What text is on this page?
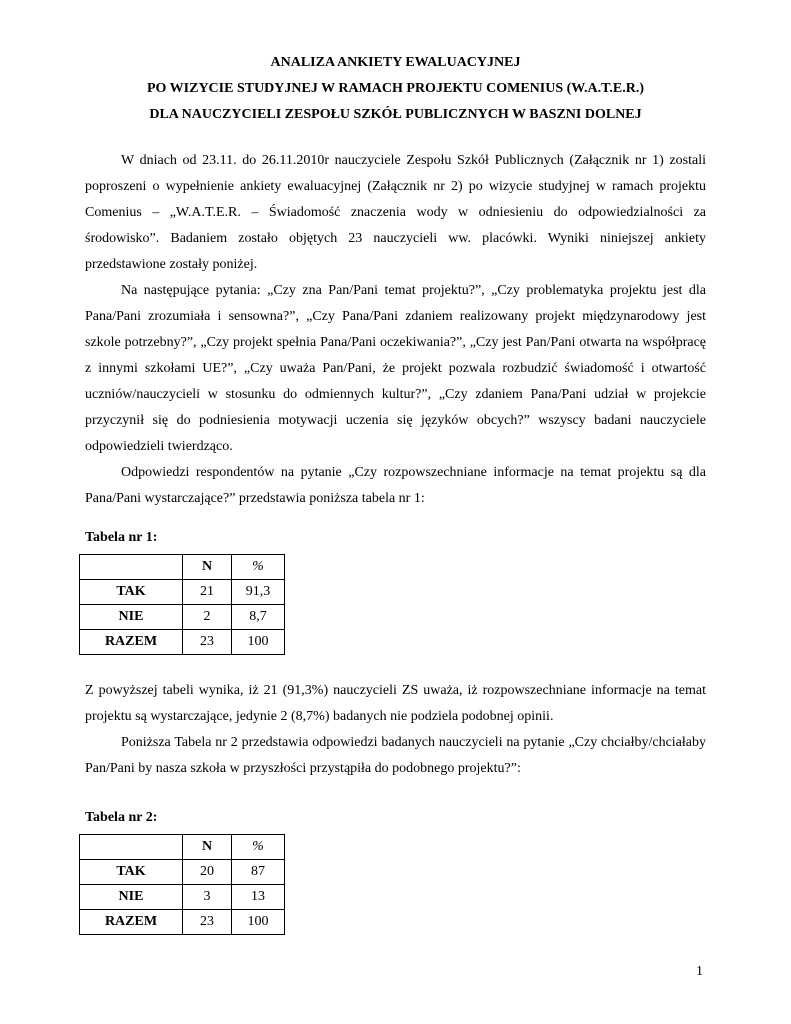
ANALIZA ANKIETY EWALUACYJNEJ
PO WIZYCIE STUDYJNEJ W RAMACH PROJEKTU COMENIUS (W.A.T.E.R.)
DLA NAUCZYCIELI ZESPOŁU SZKÓŁ PUBLICZNYCH W BASZNI DOLNEJ

W dniach od 23.11. do 26.11.2010r nauczyciele Zespołu Szkół Publicznych (Załącznik nr 1) zostali poproszeni o wypełnienie ankiety ewaluacyjnej (Załącznik nr 2) po wizycie studyjnej w ramach projektu Comenius – „W.A.T.E.R. – Świadomość znaczenia wody w odniesieniu do odpowiedzialności za środowisko”. Badaniem zostało objętych 23 nauczycieli ww. placówki. Wyniki niniejszej ankiety przedstawione zostały poniżej.

Na następujące pytania: „Czy zna Pan/Pani temat projektu?”, „Czy problematyka projektu jest dla Pana/Pani zrozumiała i sensowna?”, „Czy Pana/Pani zdaniem realizowany projekt międzynarodowy jest szkole potrzebny?”, „Czy projekt spełnia Pana/Pani oczekiwania?”, „Czy jest Pan/Pani otwarta na współpracę z innymi szkołami UE?”, „Czy uważa Pan/Pani, że projekt pozwala rozbudzić świadomość i otwartość uczniów/nauczycieli w stosunku do odmiennych kultur?”, „Czy zdaniem Pana/Pani udział w projekcie przyczynił się do podniesienia motywacji uczenia się języków obcych?” wszyscy badani nauczyciele odpowiedzieli twierdząco.

Odpowiedzi respondentów na pytanie „Czy rozpowszechniane informacje na temat projektu są dla Pana/Pani wystarczające?” przedstawia poniższa tabela nr 1:

Tabela nr 1:
	N	%
TAK	21	91,3
NIE	2	8,7
RAZEM	23	100

Z powyższej tabeli wynika, iż 21 (91,3%) nauczycieli ZS uważa, iż rozpowszechniane informacje na temat projektu są wystarczające, jedynie 2 (8,7%) badanych nie podziela podobnej opinii.

Poniższa Tabela nr 2 przedstawia odpowiedzi badanych nauczycieli na pytanie „Czy chciałby/chciałaby Pan/Pani by nasza szkoła w przyszłości przystąpiła do podobnego projektu?”:

Tabela nr 2:
	N	%
TAK	20	87
NIE	3	13
RAZEM	23	100
1
